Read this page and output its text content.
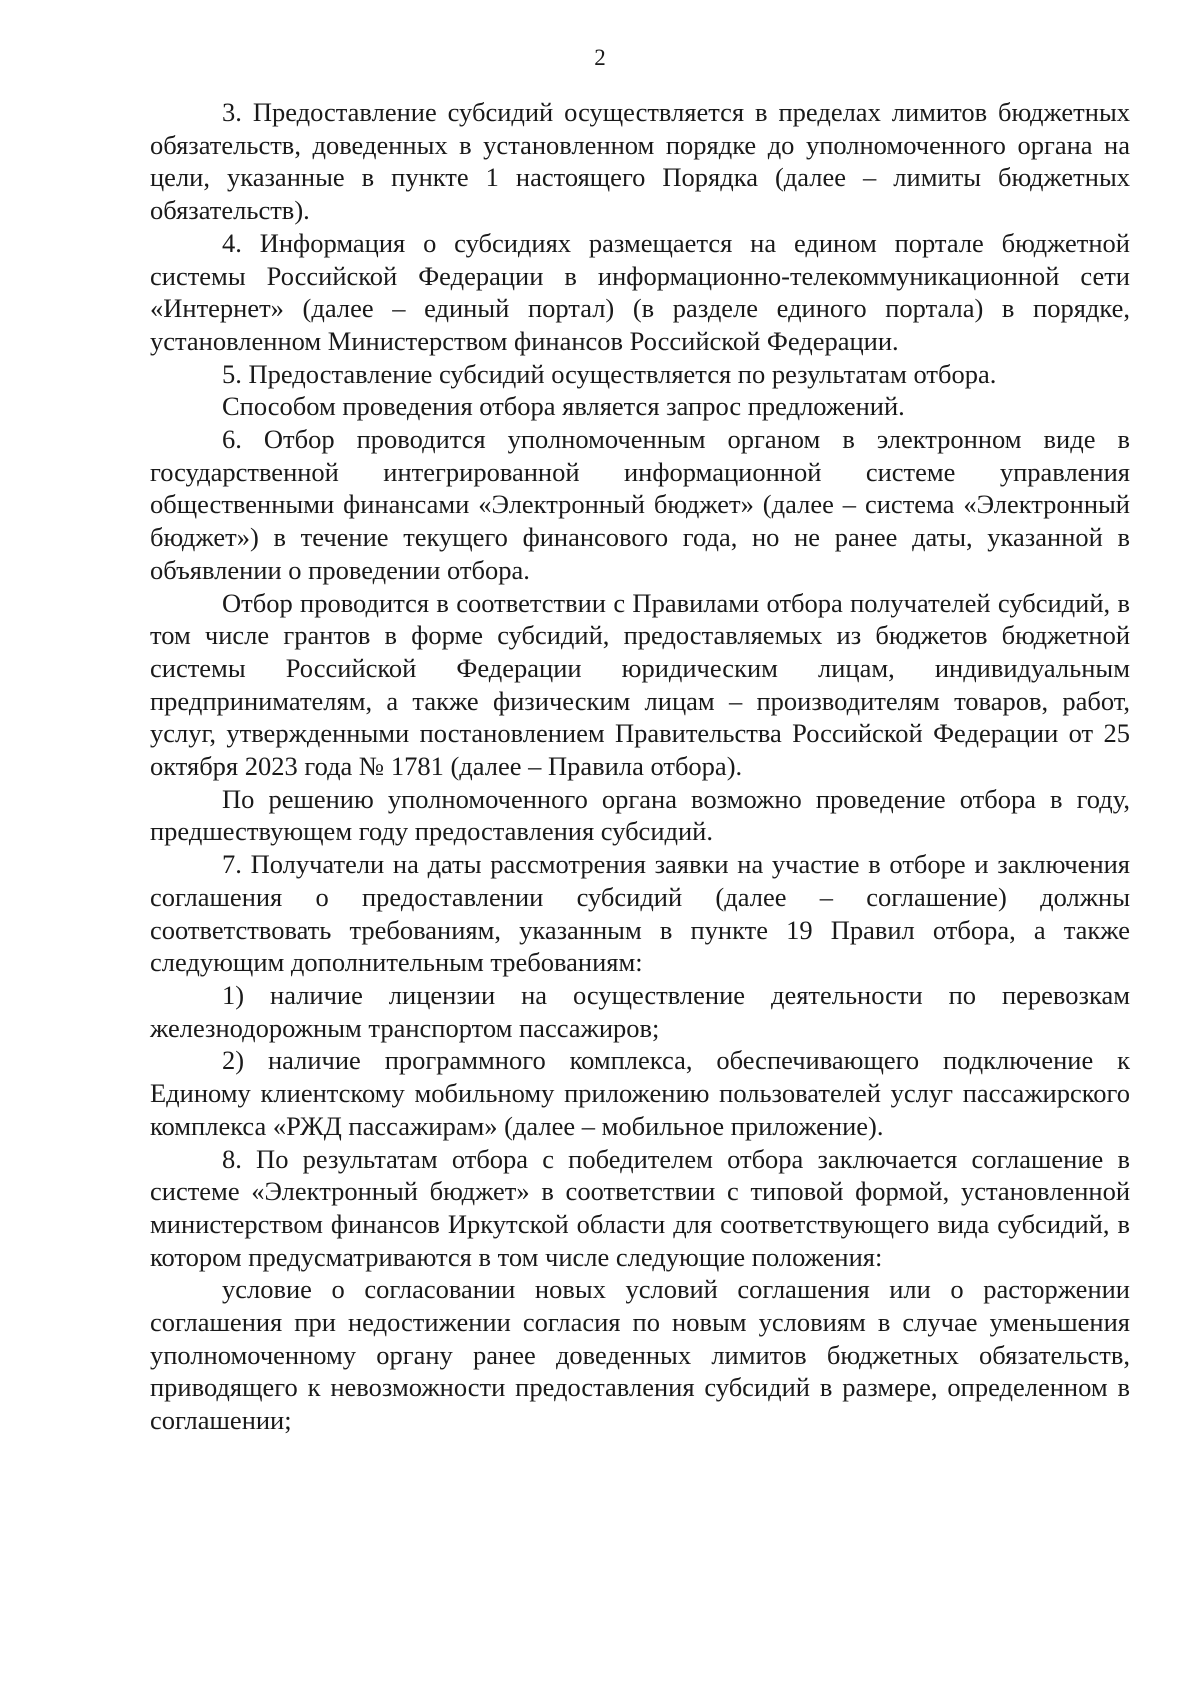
2

3. Предоставление субсидий осуществляется в пределах лимитов бюджетных обязательств, доведенных в установленном порядке до уполномоченного органа на цели, указанные в пункте 1 настоящего Порядка (далее – лимиты бюджетных обязательств).

4. Информация о субсидиях размещается на едином портале бюджетной системы Российской Федерации в информационно-телекоммуникационной сети «Интернет» (далее – единый портал) (в разделе единого портала) в порядке, установленном Министерством финансов Российской Федерации.

5. Предоставление субсидий осуществляется по результатам отбора.

Способом проведения отбора является запрос предложений.

6. Отбор проводится уполномоченным органом в электронном виде в государственной интегрированной информационной системе управления общественными финансами «Электронный бюджет» (далее – система «Электронный бюджет») в течение текущего финансового года, но не ранее даты, указанной в объявлении о проведении отбора.

Отбор проводится в соответствии с Правилами отбора получателей субсидий, в том числе грантов в форме субсидий, предоставляемых из бюджетов бюджетной системы Российской Федерации юридическим лицам, индивидуальным предпринимателям, а также физическим лицам – производителям товаров, работ, услуг, утвержденными постановлением Правительства Российской Федерации от 25 октября 2023 года № 1781 (далее – Правила отбора).

По решению уполномоченного органа возможно проведение отбора в году, предшествующем году предоставления субсидий.

7. Получатели на даты рассмотрения заявки на участие в отборе и заключения соглашения о предоставлении субсидий (далее – соглашение) должны соответствовать требованиям, указанным в пункте 19 Правил отбора, а также следующим дополнительным требованиям:

1) наличие лицензии на осуществление деятельности по перевозкам железнодорожным транспортом пассажиров;

2) наличие программного комплекса, обеспечивающего подключение к Единому клиентскому мобильному приложению пользователей услуг пассажирского комплекса «РЖД пассажирам» (далее – мобильное приложение).

8. По результатам отбора с победителем отбора заключается соглашение в системе «Электронный бюджет» в соответствии с типовой формой, установленной министерством финансов Иркутской области для соответствующего вида субсидий, в котором предусматриваются в том числе следующие положения:

условие о согласовании новых условий соглашения или о расторжении соглашения при недостижении согласия по новым условиям в случае уменьшения уполномоченному органу ранее доведенных лимитов бюджетных обязательств, приводящего к невозможности предоставления субсидий в размере, определенном в соглашении;
